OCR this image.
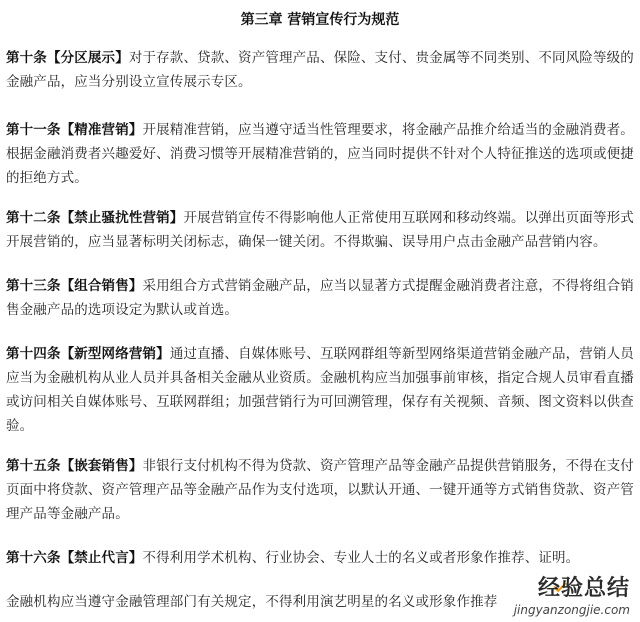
第三章 营销宣传行为规范

第十条【分区展示】对于存款、贷款、资产管理产品、保险、支付、贵金属等不同类别、不同风险等级的金融产品，应当分别设立宣传展示专区。

第十一条【精准营销】开展精准营销，应当遵守适当性管理要求，将金融产品推介给适当的金融消费者。根据金融消费者兴趣爱好、消费习惯等开展精准营销的，应当同时提供不针对个人特征推送的选项或便捷的拒绝方式。

第十二条【禁止骚扰性营销】开展营销宣传不得影响他人正常使用互联网和移动终端。以弹出页面等形式开展营销的，应当显著标明关闭标志，确保一键关闭。不得欺骗、误导用户点击金融产品营销内容。

第十三条【组合销售】采用组合方式营销金融产品，应当以显著方式提醒金融消费者注意，不得将组合销售金融产品的选项设定为默认或首选。

第十四条【新型网络营销】通过直播、自媒体账号、互联网群组等新型网络渠道营销金融产品，营销人员应当为金融机构从业人员并具备相关金融从业资质。金融机构应当加强事前审核，指定合规人员审看直播或访问相关自媒体账号、互联网群组；加强营销行为可回溯管理，保存有关视频、音频、图文资料以供查验。

第十五条【嵌套销售】非银行支付机构不得为贷款、资产管理产品等金融产品提供营销服务，不得在支付页面中将贷款、资产管理产品等金融产品作为支付选项，以默认开通、一键开通等方式销售贷款、资产管理产品等金融产品。

第十六条【禁止代言】不得利用学术机构、行业协会、专业人士的名义或者形象作推荐、证明。

金融机构应当遵守金融管理部门有关规定，不得利用演艺明星的名义或形象作推荐

经验总结
jingyanzongjie.com
